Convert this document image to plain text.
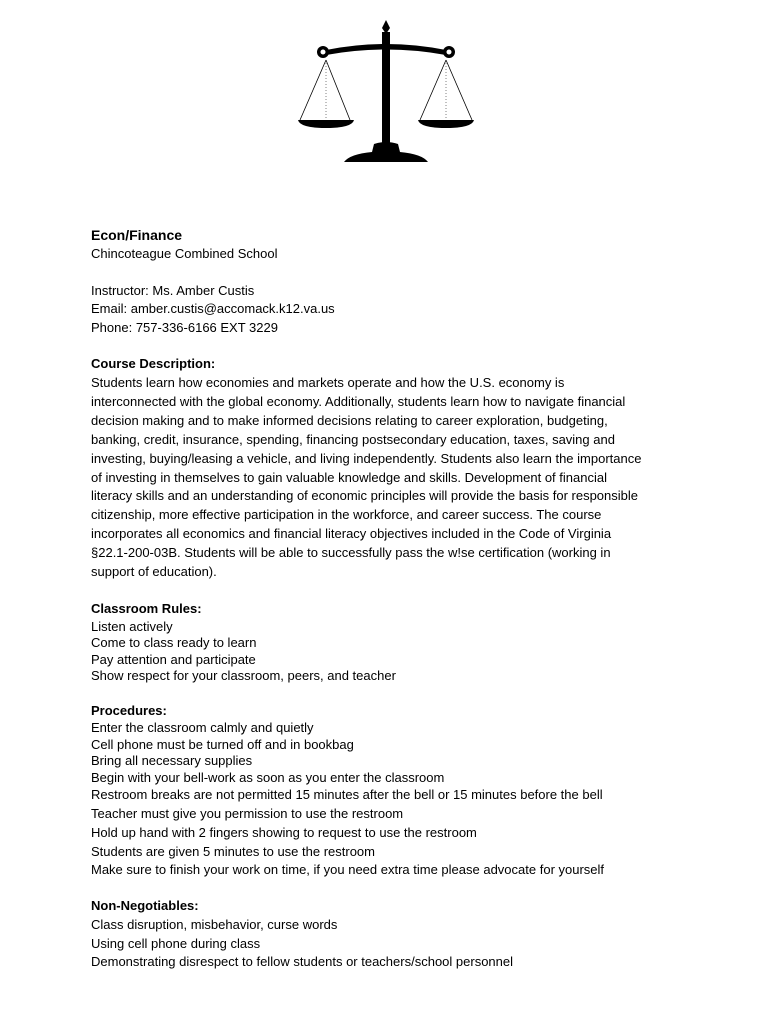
Econ/Finance

Chincoteague Combined School

Instructor: Ms. Amber Custis

Email: amber.custis@accomack.k12.va.us

Phone: 757-336-6166 EXT 3229

Course Description:

Students learn how economies and markets operate and how the U.S. economy is

interconnected with the global economy. Additionally, students learn how to navigate financial

decision making and to make informed decisions relating to career exploration, budgeting,

banking, credit, insurance, spending, financing postsecondary education, taxes, saving and

investing, buying/leasing a vehicle, and living independently. Students also learn the importance

of investing in themselves to gain valuable knowledge and skills. Development of financial

literacy skills and an understanding of economic principles will provide the basis for responsible

citizenship, more effective participation in the workforce, and career success. The course

incorporates all economics and financial literacy objectives included in the Code of Virginia

§22.1-200-03B. Students will be able to successfully pass the w!se certification (working in

support of education).

Classroom Rules:

Listen actively

Come to class ready to learn

Pay attention and participate

Show respect for your classroom, peers, and teacher

Procedures:

Enter the classroom calmly and quietly

Cell phone must be turned off and in bookbag

Bring all necessary supplies

Begin with your bell-work as soon as you enter the classroom

Restroom breaks are not permitted 15 minutes after the bell or 15 minutes before the bell

Teacher must give you permission to use the restroom

Hold up hand with 2 fingers showing to request to use the restroom

Students are given 5 minutes to use the restroom

Make sure to finish your work on time, if you need extra time please advocate for yourself

Non-Negotiables:

Class disruption, misbehavior, curse words

Using cell phone during class

Demonstrating disrespect to fellow students or teachers/school personnel
